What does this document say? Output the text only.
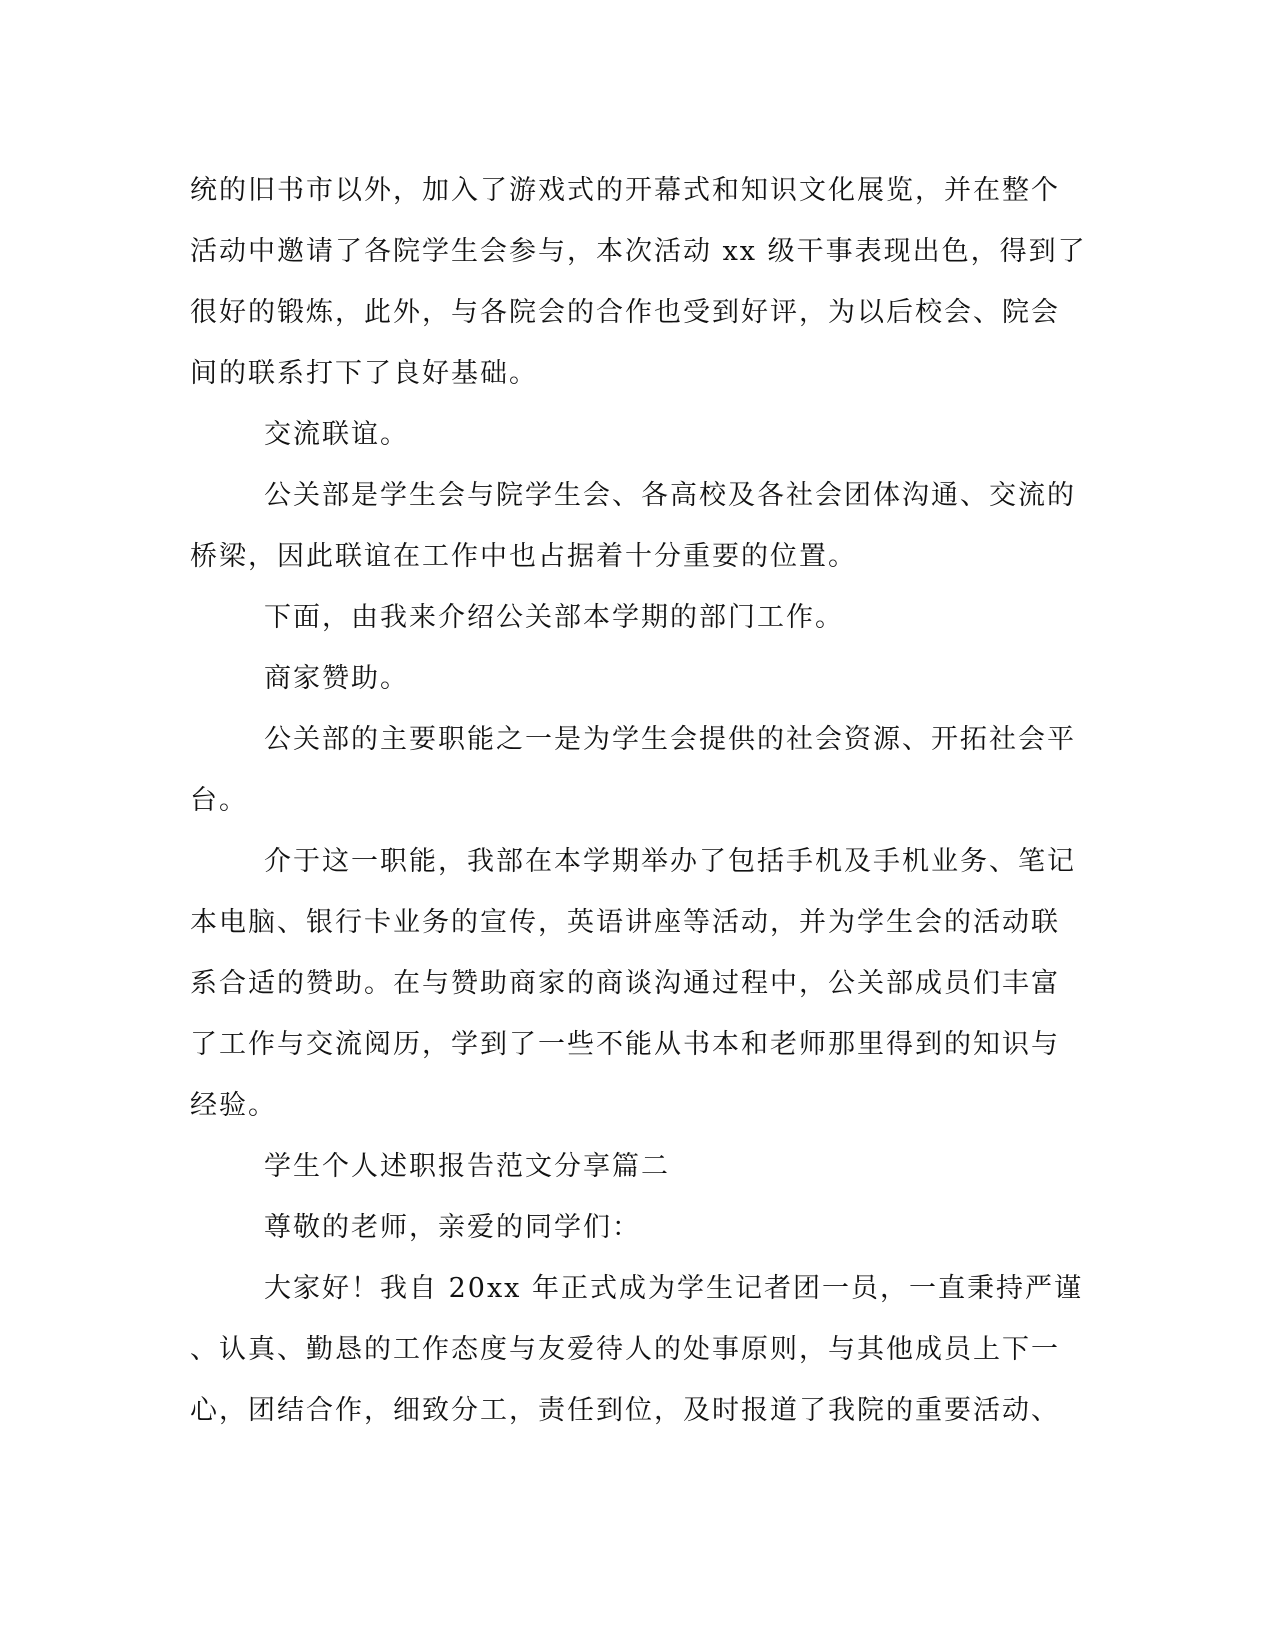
统的旧书市以外，加入了游戏式的开幕式和知识文化展览，并在整个
活动中邀请了各院学生会参与，本次活动 xx 级干事表现出色，得到了
很好的锻炼，此外，与各院会的合作也受到好评，为以后校会、院会
间的联系打下了良好基础。
交流联谊。
公关部是学生会与院学生会、各高校及各社会团体沟通、交流的
桥梁，因此联谊在工作中也占据着十分重要的位置。
下面，由我来介绍公关部本学期的部门工作。
商家赞助。
公关部的主要职能之一是为学生会提供的社会资源、开拓社会平
台。
介于这一职能，我部在本学期举办了包括手机及手机业务、笔记
本电脑、银行卡业务的宣传，英语讲座等活动，并为学生会的活动联
系合适的赞助。在与赞助商家的商谈沟通过程中，公关部成员们丰富
了工作与交流阅历，学到了一些不能从书本和老师那里得到的知识与
经验。
学生个人述职报告范文分享篇二
尊敬的老师，亲爱的同学们：
大家好！我自 20xx 年正式成为学生记者团一员，一直秉持严谨
、认真、勤恳的工作态度与友爱待人的处事原则，与其他成员上下一
心，团结合作，细致分工，责任到位，及时报道了我院的重要活动、
